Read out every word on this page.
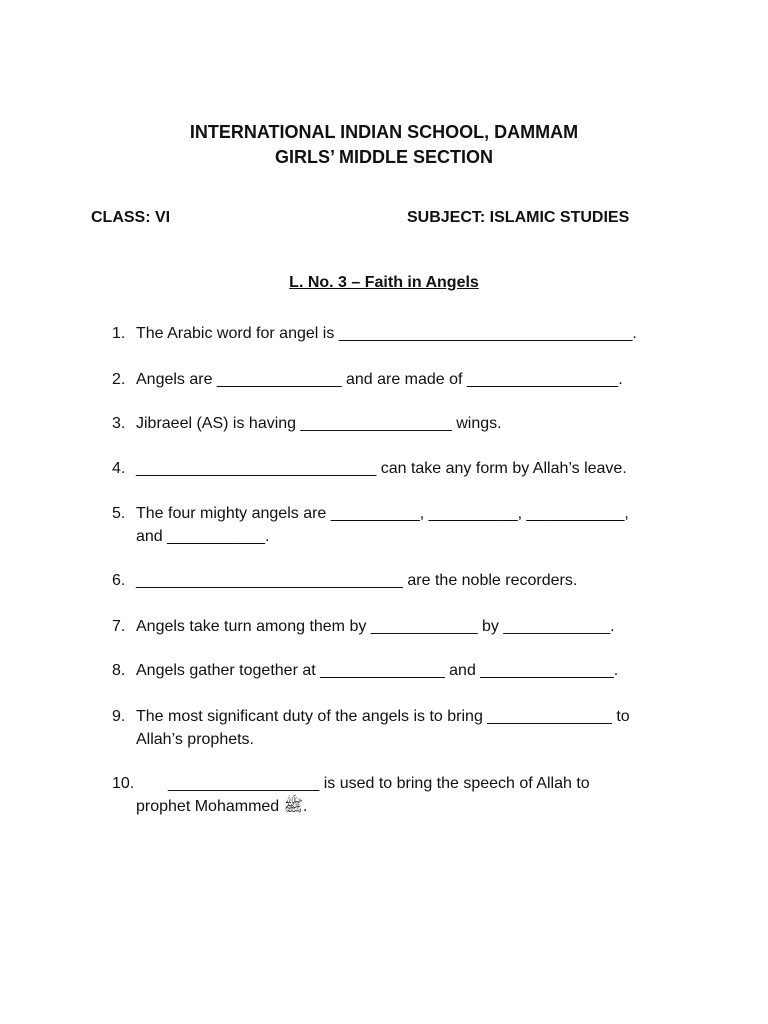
INTERNATIONAL INDIAN SCHOOL, DAMMAM
GIRLS’ MIDDLE SECTION
CLASS: VI	SUBJECT: ISLAMIC STUDIES
L. No. 3 – Faith in Angels
1. The Arabic word for angel is _________________________________.
2. Angels are ______________ and are made of _________________.
3. Jibraeel (AS) is having _________________ wings.
4. ___________________________ can take any form by Allah’s leave.
5. The four mighty angels are __________, __________, ___________,
and ___________.
6. ______________________________ are the noble recorders.
7. Angels take turn among them by ____________ by ____________.
8. Angels gather together at ______________ and _______________.
9. The most significant duty of the angels is to bring ______________ to
Allah’s prophets.
10. _________________ is used to bring the speech of Allah to
prophet Mohammed ﷺ.
